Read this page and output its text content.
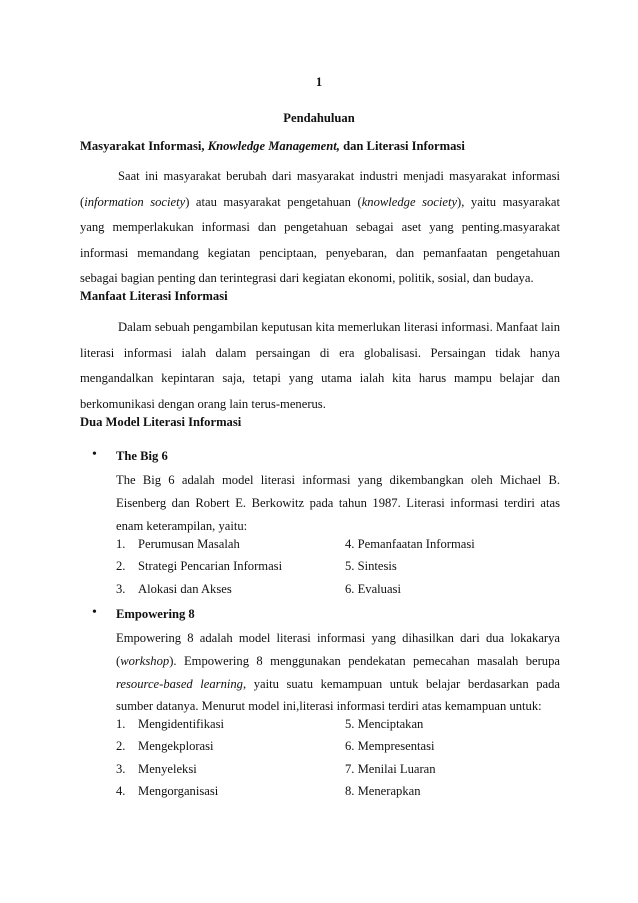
1
Pendahuluan
Masyarakat Informasi, Knowledge Management, dan Literasi Informasi
Saat ini masyarakat berubah dari masyarakat industri menjadi masyarakat informasi (information society) atau masyarakat pengetahuan (knowledge society), yaitu masyarakat yang memperlakukan informasi dan pengetahuan sebagai aset yang penting.masyarakat informasi memandang kegiatan penciptaan, penyebaran, dan pemanfaatan pengetahuan sebagai bagian penting dan terintegrasi dari kegiatan ekonomi, politik, sosial, dan budaya.
Manfaat Literasi Informasi
Dalam sebuah pengambilan keputusan kita memerlukan literasi informasi. Manfaat lain literasi informasi ialah dalam persaingan di era globalisasi. Persaingan tidak hanya mengandalkan kepintaran saja, tetapi yang utama ialah kita harus mampu belajar dan berkomunikasi dengan orang lain terus-menerus.
Dua Model Literasi Informasi
• The Big 6
The Big 6 adalah model literasi informasi yang dikembangkan oleh Michael B. Eisenberg dan Robert E. Berkowitz pada tahun 1987. Literasi informasi terdiri atas enam keterampilan, yaitu:
1. Perumusan Masalah	4. Pemanfaatan Informasi
2. Strategi Pencarian Informasi	5. Sintesis
3. Alokasi dan Akses	6. Evaluasi
• Empowering 8
Empowering 8 adalah model literasi informasi yang dihasilkan dari dua lokakarya (workshop). Empowering 8 menggunakan pendekatan pemecahan masalah berupa resource-based learning, yaitu suatu kemampuan untuk belajar berdasarkan pada sumber datanya. Menurut model ini,literasi informasi terdiri atas kemampuan untuk:
1. Mengidentifikasi	5. Menciptakan
2. Mengekplorasi	6. Mempresentasi
3. Menyeleksi	7. Menilai Luaran
4. Mengorganisasi	8. Menerapkan
